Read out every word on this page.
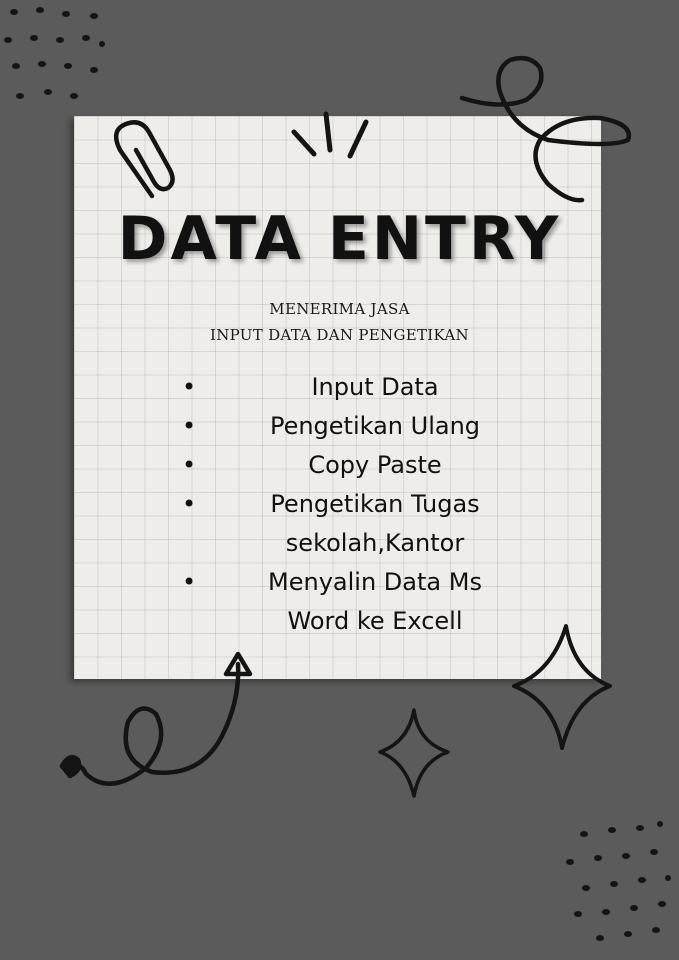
DATA ENTRY
MENERIMA JASA
INPUT DATA DAN PENGETIKAN
•	Input Data
•	Pengetikan Ulang
•	Copy Paste
•	Pengetikan Tugas
sekolah,Kantor
•	Menyalin Data Ms
Word ke Excell
